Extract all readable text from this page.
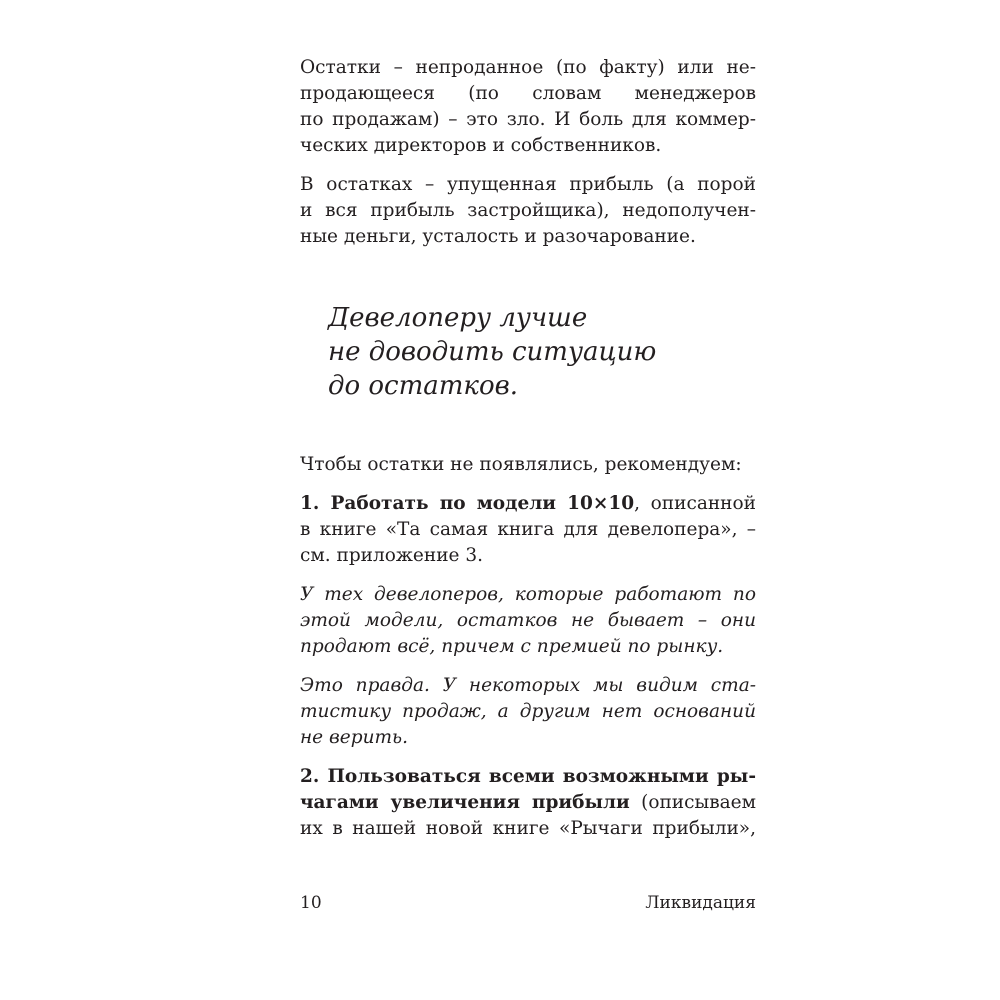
Остатки – непроданное (по факту) или не-

продающееся (по словам менеджеров

по продажам) – это зло. И боль для коммер-

ческих директоров и собственников.

В остатках – упущенная прибыль (а порой

и вся прибыль застройщика), недополучен-

ные деньги, усталость и разочарование.

Девелоперу лучше

не доводить ситуацию

до остатков.

Чтобы остатки не появлялись, рекомендуем:

1. Работать по модели 10×10, описанной

в книге «Та самая книга для девелопера», –

см. приложение 3.

У тех девелоперов, которые работают по

этой модели, остатков не бывает – они

продают всё, причем с премией по рынку.

Это правда. У некоторых мы видим ста-

тистику продаж, а другим нет оснований

не верить.

2. Пользоваться всеми возможными ры-

чагами увеличения прибыли (описываем

их в нашей новой книге «Рычаги прибыли»,

10	Ликвидация
